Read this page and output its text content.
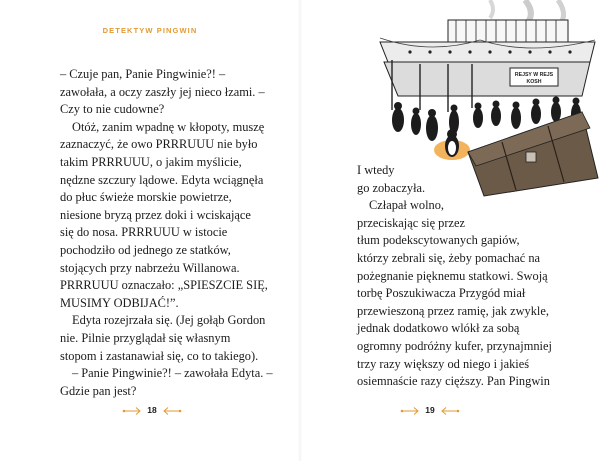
DETEKTYW PINGWIN

– Czuje pan, Panie Pingwinie?! –

zawołała, a oczy zaszły jej nieco łzami. –

Czy to nie cudowne?

Otóż, zanim wpadnę w kłopoty, muszę

zaznaczyć, że owo PRRRUUU nie było

takim PRRRUUU, o jakim myślicie,

nędzne szczury lądowe. Edyta wciągnęła

do płuc świeże morskie powietrze,

niesione bryzą przez doki i wciskające

się do nosa. PRRRUUU w istocie

pochodziło od jednego ze statków,

stojących przy nabrzeżu Willanowa.

PRRRUUU oznaczało: „SPIESZCIE SIĘ,

MUSIMY ODBIJAĆ!”.

Edyta rozejrzała się. (Jej gołąb Gordon

nie. Pilnie przyglądał się własnym

stopom i zastanawiał się, co to takiego).

– Panie Pingwinie?! – zawołała Edyta. –

Gdzie pan jest?

18
REJSY W REJS
KOSH

I wtedy

go zobaczyła.

Człapał wolno,

przeciskając się przez

tłum podekscytowanych gapiów,

którzy zebrali się, żeby pomachać na

pożegnanie pięknemu statkowi. Swoją

torbę Poszukiwacza Przygód miał

przewieszoną przez ramię, jak zwykle,

jednak dodatkowo wlókł za sobą

ogromny podróżny kufer, przynajmniej

trzy razy większy od niego i jakieś

osiemnaście razy cięższy. Pan Pingwin

19
